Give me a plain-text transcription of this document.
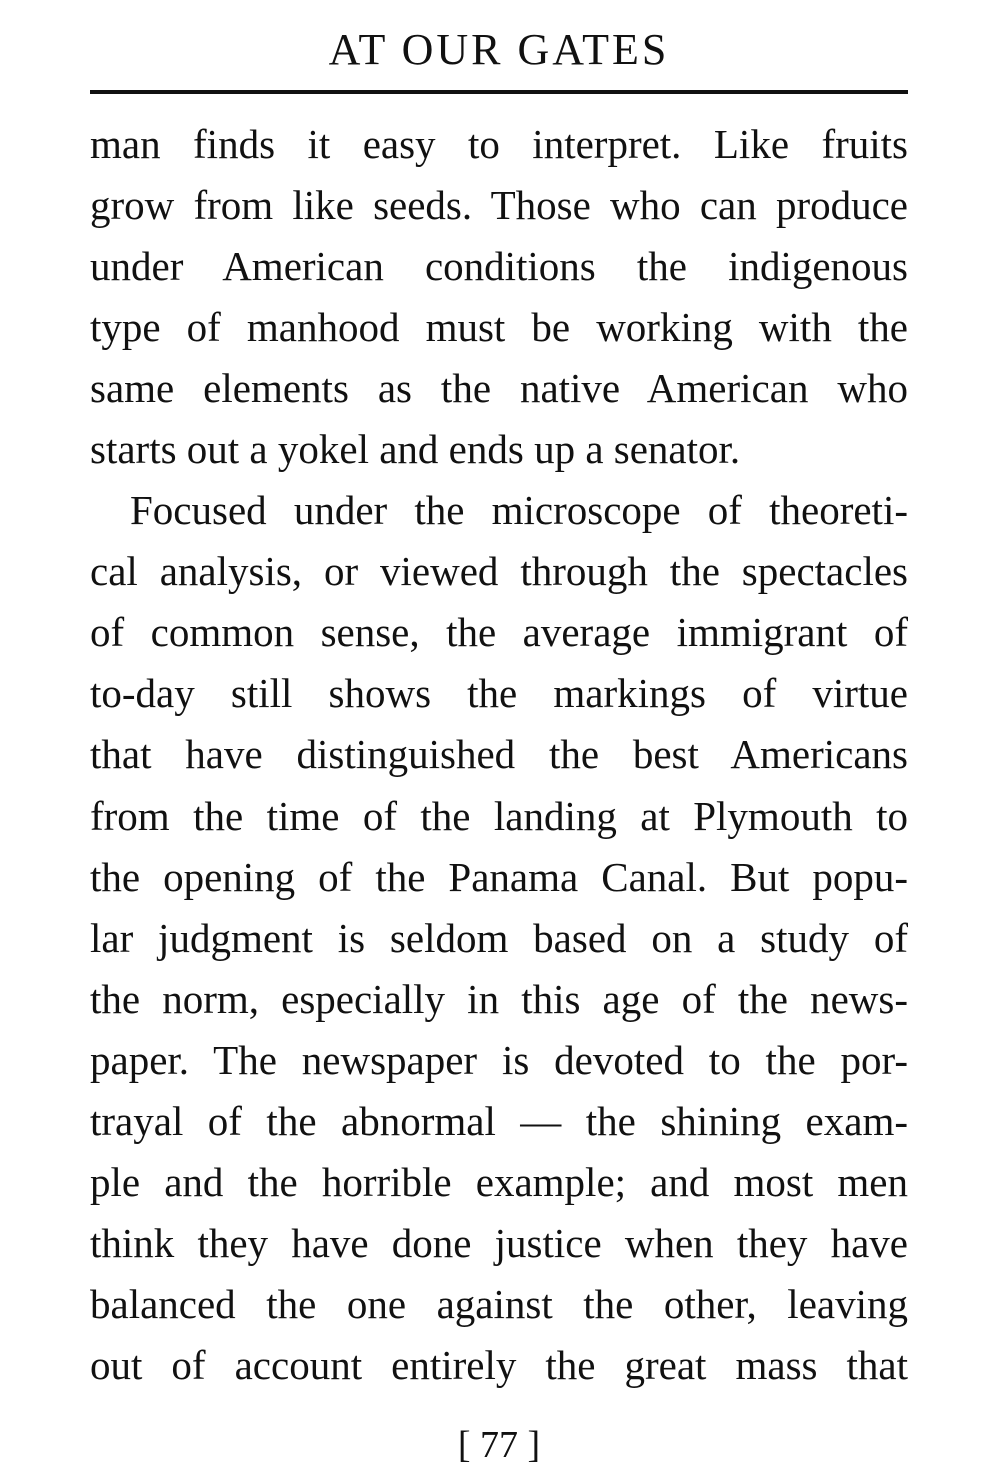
AT OUR GATES
man finds it easy to interpret. Like fruits
grow from like seeds. Those who can produce
under American conditions the indigenous
type of manhood must be working with the
same elements as the native American who
starts out a yokel and ends up a senator.
Focused under the microscope of theoreti-
cal analysis, or viewed through the spectacles
of common sense, the average immigrant of
to-day still shows the markings of virtue
that have distinguished the best Americans
from the time of the landing at Plymouth to
the opening of the Panama Canal. But popu-
lar judgment is seldom based on a study of
the norm, especially in this age of the news-
paper. The newspaper is devoted to the por-
trayal of the abnormal — the shining exam-
ple and the horrible example; and most men
think they have done justice when they have
balanced the one against the other, leaving
out of account entirely the great mass that
[ 77 ]
